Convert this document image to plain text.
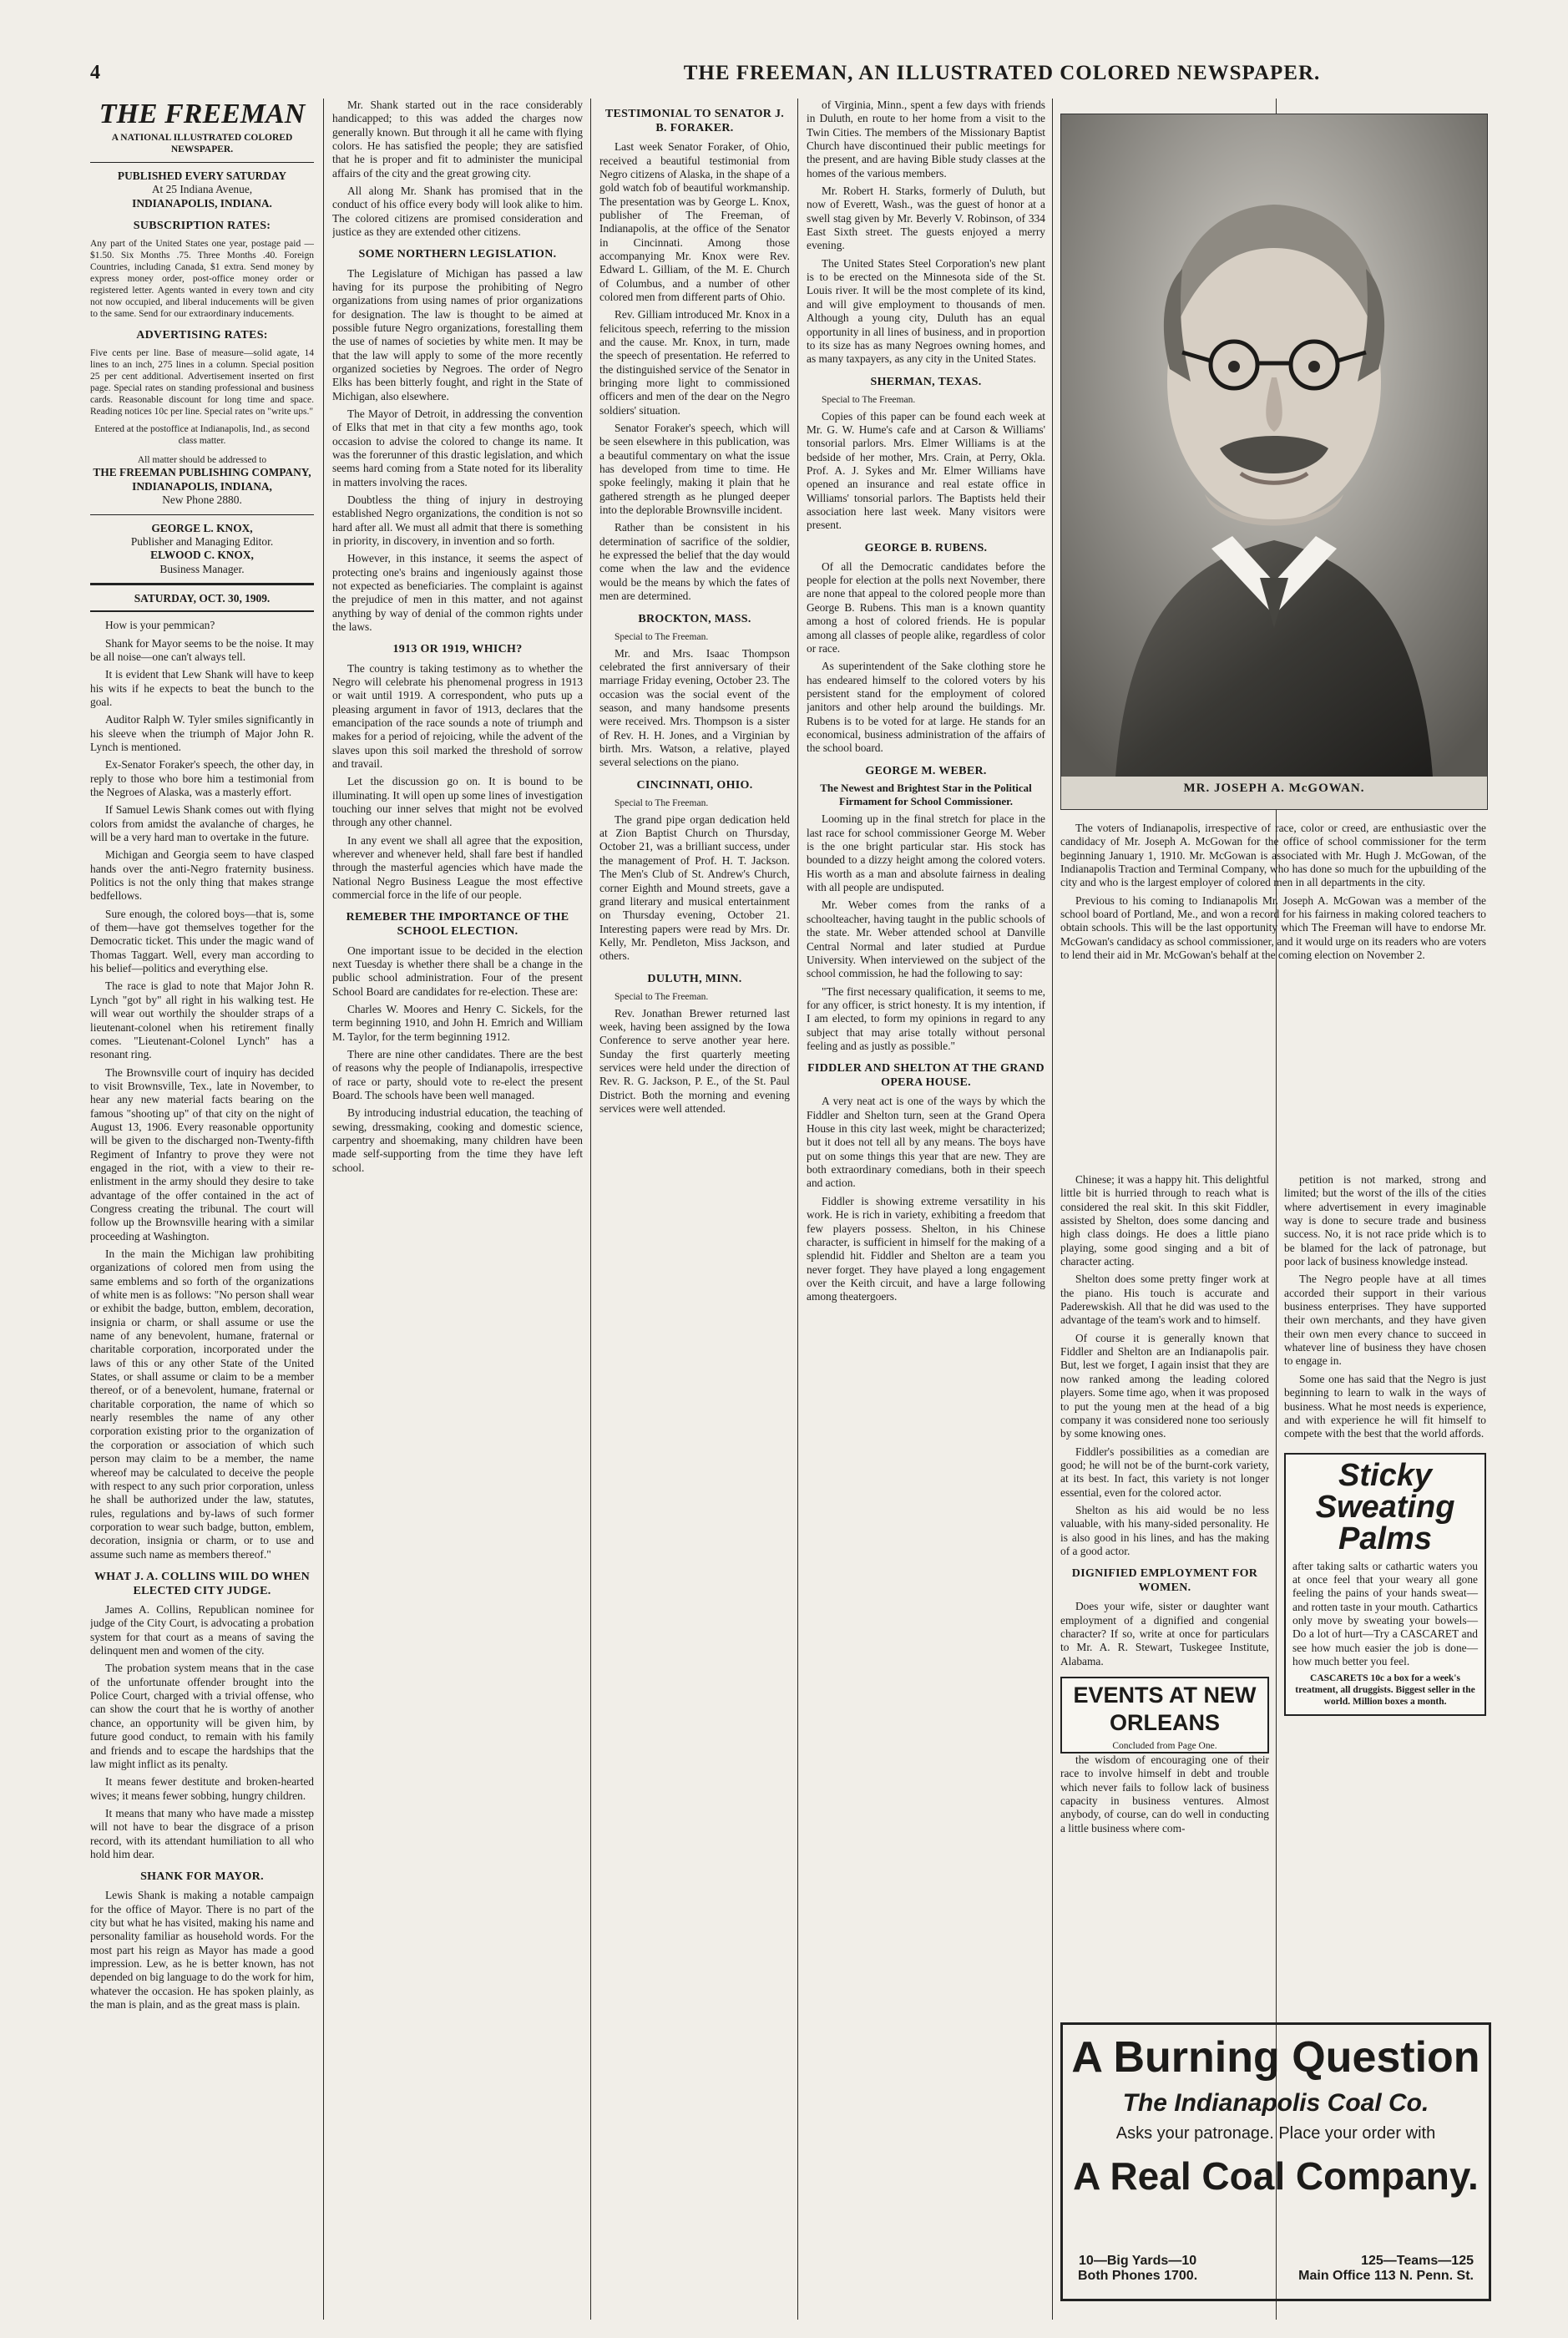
4	THE FREEMAN, AN ILLUSTRATED COLORED NEWSPAPER.
THE FREEMAN
A NATIONAL ILLUSTRATED COLORED NEWSPAPER.
PUBLISHED EVERY SATURDAY
At 25 Indiana Avenue,
INDIANAPOLIS, INDIANA.
SUBSCRIPTION RATES:
Any part of the United States one year, postage paid — $1.50. Six Months .75. Three Months .40. Foreign Countries, including Canada, $1 extra. Send money by express money order, post-office money order or registered letter. Agents wanted in every town and city not now occupied, and liberal inducements will be given to the same. Send for our extraordinary inducements.
ADVERTISING RATES:
Five cents per line. Base of measure—solid agate, 14 lines to an inch, 275 lines in a column. Special position 25 per cent additional. Advertisement inserted on first page. Special rates on standing professional and business cards. Reasonable discount for long time and space. Reading notices 10c per line. Special rates on "write ups."
Entered at the postoffice at Indianapolis, Ind., as second class matter.
All matter should be addressed to
THE FREEMAN PUBLISHING COMPANY,
INDIANAPOLIS, INDIANA,
New Phone 2880.
GEORGE L. KNOX,
Publisher and Managing Editor.
ELWOOD C. KNOX,
Business Manager.
SATURDAY, OCT. 30, 1909.

How is your pemmican?

Shank for Mayor seems to be the noise. It may be all noise—one can't always tell.

It is evident that Lew Shank will have to keep his wits if he expects to beat the bunch to the goal.

Auditor Ralph W. Tyler smiles significantly in his sleeve when the triumph of Major John R. Lynch is mentioned.

Ex-Senator Foraker's speech, the other day, in reply to those who bore him a testimonial from the Negroes of Alaska, was a masterly effort.

If Samuel Lewis Shank comes out with flying colors from amidst the avalanche of charges, he will be a very hard man to overtake in the future.

Michigan and Georgia seem to have clasped hands over the anti-Negro fraternity business. Politics is not the only thing that makes strange bedfellows.

Sure enough, the colored boys—that is, some of them—have got themselves together for the Democratic ticket. This under the magic wand of Thomas Taggart. Well, every man according to his belief—politics and everything else.

The race is glad to note that Major John R. Lynch "got by" all right in his walking test. He will wear out worthily the shoulder straps of a lieutenant-colonel when his retirement finally comes. "Lieutenant-Colonel Lynch" has a resonant ring.

The Brownsville court of inquiry has decided to visit Brownsville, Tex., late in November, to hear any new material facts bearing on the famous "shooting up" of that city on the night of August 13, 1906. Every reasonable opportunity will be given to the discharged non-Twenty-fifth Regiment of Infantry to prove they were not engaged in the riot, with a view to their re-enlistment in the army should they desire to take advantage of the offer contained in the act of Congress creating the tribunal. The court will follow up the Brownsville hearing with a similar proceeding at Washington.

In the main the Michigan law prohibiting organizations of colored men from using the same emblems and so forth of the organizations of white men is as follows: "No person shall wear or exhibit the badge, button, emblem, decoration, insignia or charm, or shall assume or use the name of any benevolent, humane, fraternal or charitable corporation, incorporated under the laws of this or any other State of the United States, or shall assume or claim to be a member thereof, or of a benevolent, humane, fraternal or charitable corporation, the name of which so nearly resembles the name of any other corporation existing prior to the organization of the corporation or association of which such person may claim to be a member, the name whereof may be calculated to deceive the people with respect to any such prior corporation, unless he shall be authorized under the law, statutes, rules, regulations and by-laws of such former corporation to wear such badge, button, emblem, decoration, insignia or charm, or to use and assume such name as members thereof."

WHAT J. A. COLLINS WIIL DO WHEN ELECTED CITY JUDGE.

James A. Collins, Republican nominee for judge of the City Court, is advocating a probation system for that court as a means of saving the delinquent men and women of the city.

The probation system means that in the case of the unfortunate offender brought into the Police Court, charged with a trivial offense, who can show the court that he is worthy of another chance, an opportunity will be given him, by future good conduct, to remain with his family and friends and to escape the hardships that the law might inflict as its penalty.

It means fewer destitute and broken-hearted wives; it means fewer sobbing, hungry children.

It means that many who have made a misstep will not have to bear the disgrace of a prison record, with its attendant humiliation to all who hold him dear.

SHANK FOR MAYOR.

Lewis Shank is making a notable campaign for the office of Mayor. There is no part of the city but what he has visited, making his name and personality familiar as household words. For the most part his reign as Mayor has made a good impression. Lew, as he is better known, has not depended on big language to do the work for him, whatever the occasion. He has spoken plainly, as the man is plain, and as the great mass is plain.

Mr. Shank started out in the race considerably handicapped; to this was added the charges now generally known. But through it all he came with flying colors. He has satisfied the people; they are satisfied that he is proper and fit to administer the municipal affairs of the city and the great growing city.

All along Mr. Shank has promised that in the conduct of his office every body will look alike to him. The colored citizens are promised consideration and justice as they are extended other citizens.

SOME NORTHERN LEGISLATION.

The Legislature of Michigan has passed a law having for its purpose the prohibiting of Negro organizations from using names of prior organizations for designation. The law is thought to be aimed at possible future Negro organizations, forestalling them the use of names of societies by white men. It may be that the law will apply to some of the more recently organized societies by Negroes. The order of Negro Elks has been bitterly fought, and right in the State of Michigan, also elsewhere.

The Mayor of Detroit, in addressing the convention of Elks that met in that city a few months ago, took occasion to advise the colored to change its name. It was the forerunner of this drastic legislation, and which seems hard coming from a State noted for its liberality in matters involving the races.

Doubtless the thing of injury in destroying established Negro organizations, the condition is not so hard after all. We must all admit that there is something in priority, in discovery, in invention and so forth.

However, in this instance, it seems the aspect of protecting one's brains and ingeniously against those not expected as beneficiaries. The complaint is against the prejudice of men in this matter, and not against anything by way of denial of the common rights under the laws.

1913 OR 1919, WHICH?

The country is taking testimony as to whether the Negro will celebrate his phenomenal progress in 1913 or wait until 1919. A correspondent, who puts up a pleasing argument in favor of 1913, declares that the emancipation of the race sounds a note of triumph and makes for a period of rejoicing, while the advent of the slaves upon this soil marked the threshold of sorrow and travail.

Let the discussion go on. It is bound to be illuminating. It will open up some lines of investigation touching our inner selves that might not be evolved through any other channel.

In any event we shall all agree that the exposition, wherever and whenever held, shall fare best if handled through the masterful agencies which have made the National Negro Business League the most effective commercial force in the life of our people.

REMEBER THE IMPORTANCE OF THE SCHOOL ELECTION.

One important issue to be decided in the election next Tuesday is whether there shall be a change in the public school administration. Four of the present School Board are candidates for re-election. These are:

Charles W. Moores and Henry C. Sickels, for the term beginning 1910, and John H. Emrich and William M. Taylor, for the term beginning 1912.

There are nine other candidates. There are the best of reasons why the people of Indianapolis, irrespective of race or party, should vote to re-elect the present Board. The schools have been well managed.

By introducing industrial education, the teaching of sewing, dressmaking, cooking and domestic science, carpentry and shoemaking, many children have been made self-supporting from the time they have left school.

TESTIMONIAL TO SENATOR J. B. FORAKER.

Last week Senator Foraker, of Ohio, received a beautiful testimonial from Negro citizens of Alaska, in the shape of a gold watch fob of beautiful workmanship. The presentation was by George L. Knox, publisher of The Freeman, of Indianapolis, at the office of the Senator in Cincinnati. Among those accompanying Mr. Knox were Rev. Edward L. Gilliam, of the M. E. Church of Columbus, and a number of other colored men from different parts of Ohio.

Rev. Gilliam introduced Mr. Knox in a felicitous speech, referring to the mission and the cause. Mr. Knox, in turn, made the speech of presentation. He referred to the distinguished service of the Senator in bringing more light to commissioned officers and men of the dear on the Negro soldiers' situation.

Senator Foraker's speech, which will be seen elsewhere in this publication, was a beautiful commentary on what the issue has developed from time to time. He spoke feelingly, making it plain that he gathered strength as he plunged deeper into the deplorable Brownsville incident.

Rather than be consistent in his determination of sacrifice of the soldier, he expressed the belief that the day would come when the law and the evidence would be the means by which the fates of men are determined.

BROCKTON, MASS.

Special to The Freeman.

Mr. and Mrs. Isaac Thompson celebrated the first anniversary of their marriage Friday evening, October 23. The occasion was the social event of the season, and many handsome presents were received. Mrs. Thompson is a sister of Rev. H. H. Jones, and a Virginian by birth. Mrs. Watson, a relative, played several selections on the piano.

CINCINNATI, OHIO.

Special to The Freeman.

The grand pipe organ dedication held at Zion Baptist Church on Thursday, October 21, was a brilliant success, under the management of Prof. H. T. Jackson. The Men's Club of St. Andrew's Church, corner Eighth and Mound streets, gave a grand literary and musical entertainment on Thursday evening, October 21. Interesting papers were read by Mrs. Dr. Kelly, Mr. Pendleton, Miss Jackson, and others.

DULUTH, MINN.

Special to The Freeman.

Rev. Jonathan Brewer returned last week, having been assigned by the Iowa Conference to serve another year here. Sunday the first quarterly meeting services were held under the direction of Rev. R. G. Jackson, P. E., of the St. Paul District. Both the morning and evening services were well attended.

of Virginia, Minn., spent a few days with friends in Duluth, en route to her home from a visit to the Twin Cities. The members of the Missionary Baptist Church have discontinued their public meetings for the present, and are having Bible study classes at the homes of the various members.

Mr. Robert H. Starks, formerly of Duluth, but now of Everett, Wash., was the guest of honor at a swell stag given by Mr. Beverly V. Robinson, of 334 East Sixth street. The guests enjoyed a merry evening.

The United States Steel Corporation's new plant is to be erected on the Minnesota side of the St. Louis river. It will be the most complete of its kind, and will give employment to thousands of men. Although a young city, Duluth has an equal opportunity in all lines of business, and in proportion to its size has as many Negroes owning homes, and as many taxpayers, as any city in the United States.

SHERMAN, TEXAS.

Special to The Freeman.

Copies of this paper can be found each week at Mr. G. W. Hume's cafe and at Carson & Williams' tonsorial parlors. Mrs. Elmer Williams is at the bedside of her mother, Mrs. Crain, at Perry, Okla. Prof. A. J. Sykes and Mr. Elmer Williams have opened an insurance and real estate office in Williams' tonsorial parlors. The Baptists held their association here last week. Many visitors were present.

GEORGE B. RUBENS.

Of all the Democratic candidates before the people for election at the polls next November, there are none that appeal to the colored people more than George B. Rubens. This man is a known quantity among a host of colored friends. He is popular among all classes of people alike, regardless of color or race.

As superintendent of the Sake clothing store he has endeared himself to the colored voters by his persistent stand for the employment of colored janitors and other help around the buildings. Mr. Rubens is to be voted for at large. He stands for an economical, business administration of the affairs of the school board.

GEORGE M. WEBER.
The Newest and Brightest Star in the Political Firmament for School Commissioner.

Looming up in the final stretch for place in the last race for school commissioner George M. Weber is the one bright particular star. His stock has bounded to a dizzy height among the colored voters. His worth as a man and absolute fairness in dealing with all people are undisputed.

Mr. Weber comes from the ranks of a schoolteacher, having taught in the public schools of the state. Mr. Weber attended school at Danville Central Normal and later studied at Purdue University. When interviewed on the subject of the school commission, he had the following to say:

"The first necessary qualification, it seems to me, for any officer, is strict honesty. It is my intention, if I am elected, to form my opinions in regard to any subject that may arise totally without personal feeling and as justly as possible."

FIDDLER AND SHELTON AT THE GRAND OPERA HOUSE.

A very neat act is one of the ways by which the Fiddler and Shelton turn, seen at the Grand Opera House in this city last week, might be characterized; but it does not tell all by any means. The boys have put on some things this year that are new. They are both extraordinary comedians, both in their speech and action.

Fiddler is showing extreme versatility in his work. He is rich in variety, exhibiting a freedom that few players possess. Shelton, in his Chinese character, is sufficient in himself for the making of a splendid hit. Fiddler and Shelton are a team you never forget. They have played a long engagement over the Keith circuit, and have a large following among theatergoers.

MR. JOSEPH A. McGOWAN.

The voters of Indianapolis, irrespective of race, color or creed, are enthusiastic over the candidacy of Mr. Joseph A. McGowan for the office of school commissioner for the term beginning January 1, 1910. Mr. McGowan is associated with Mr. Hugh J. McGowan, of the Indianapolis Traction and Terminal Company, who has done so much for the upbuilding of the city and who is the largest employer of colored men in all departments in the city.

Previous to his coming to Indianapolis Mr. Joseph A. McGowan was a member of the school board of Portland, Me., and won a record for his fairness in making colored teachers to obtain schools. This will be the last opportunity which The Freeman will have to endorse Mr. McGowan's candidacy as school commissioner, and it would urge on its readers who are voters to lend their aid in Mr. McGowan's behalf at the coming election on November 2.

Chinese; it was a happy hit. This delightful little bit is hurried through to reach what is considered the real skit. In this skit Fiddler, assisted by Shelton, does some dancing and high class doings. He does a little piano playing, some good singing and a bit of character acting.

Shelton does some pretty finger work at the piano. His touch is accurate and Paderewskish. All that he did was used to the advantage of the team's work and to himself.

Of course it is generally known that Fiddler and Shelton are an Indianapolis pair. But, lest we forget, I again insist that they are now ranked among the leading colored players. Some time ago, when it was proposed to put the young men at the head of a big company it was considered none too seriously by some knowing ones.

Fiddler's possibilities as a comedian are good; he will not be of the burnt-cork variety, at its best. In fact, this variety is not longer essential, even for the colored actor.

Shelton as his aid would be no less valuable, with his many-sided personality. He is also good in his lines, and has the making of a good actor.

DIGNIFIED EMPLOYMENT FOR WOMEN.

Does your wife, sister or daughter want employment of a dignified and congenial character? If so, write at once for particulars to Mr. A. R. Stewart, Tuskegee Institute, Alabama.

EVENTS AT NEW ORLEANS
Concluded from Page One.

the wisdom of encouraging one of their race to involve himself in debt and trouble which never fails to follow lack of business capacity in business ventures. Almost anybody, of course, can do well in conducting a little business where com-

petition is not marked, strong and limited; but the worst of the ills of the cities where advertisement in every imaginable way is done to secure trade and business success. No, it is not race pride which is to be blamed for the lack of patronage, but poor lack of business knowledge instead.

The Negro people have at all times accorded their support in their various business enterprises. They have supported their own merchants, and they have given their own men every chance to succeed in whatever line of business they have chosen to engage in.

Some one has said that the Negro is just beginning to learn to walk in the ways of business. What he most needs is experience, and with experience he will fit himself to compete with the best that the world affords.

Sticky Sweating Palms

after taking salts or cathartic waters you at once feel that your weary all gone feeling the pains of your hands sweat—and rotten taste in your mouth. Cathartics only move by sweating your bowels—Do a lot of hurt—Try a CASCARET and see how much easier the job is done—how much better you feel.

CASCARETS 10c a box for a week's treatment, all druggists. Biggest seller in the world. Million boxes a month.
A Burning Question
The Indianapolis Coal Co.
Asks your patronage. Place your order with
A Real Coal Company.
10—Big Yards—10
Both Phones 1700.
125—Teams—125
Main Office 113 N. Penn. St.
